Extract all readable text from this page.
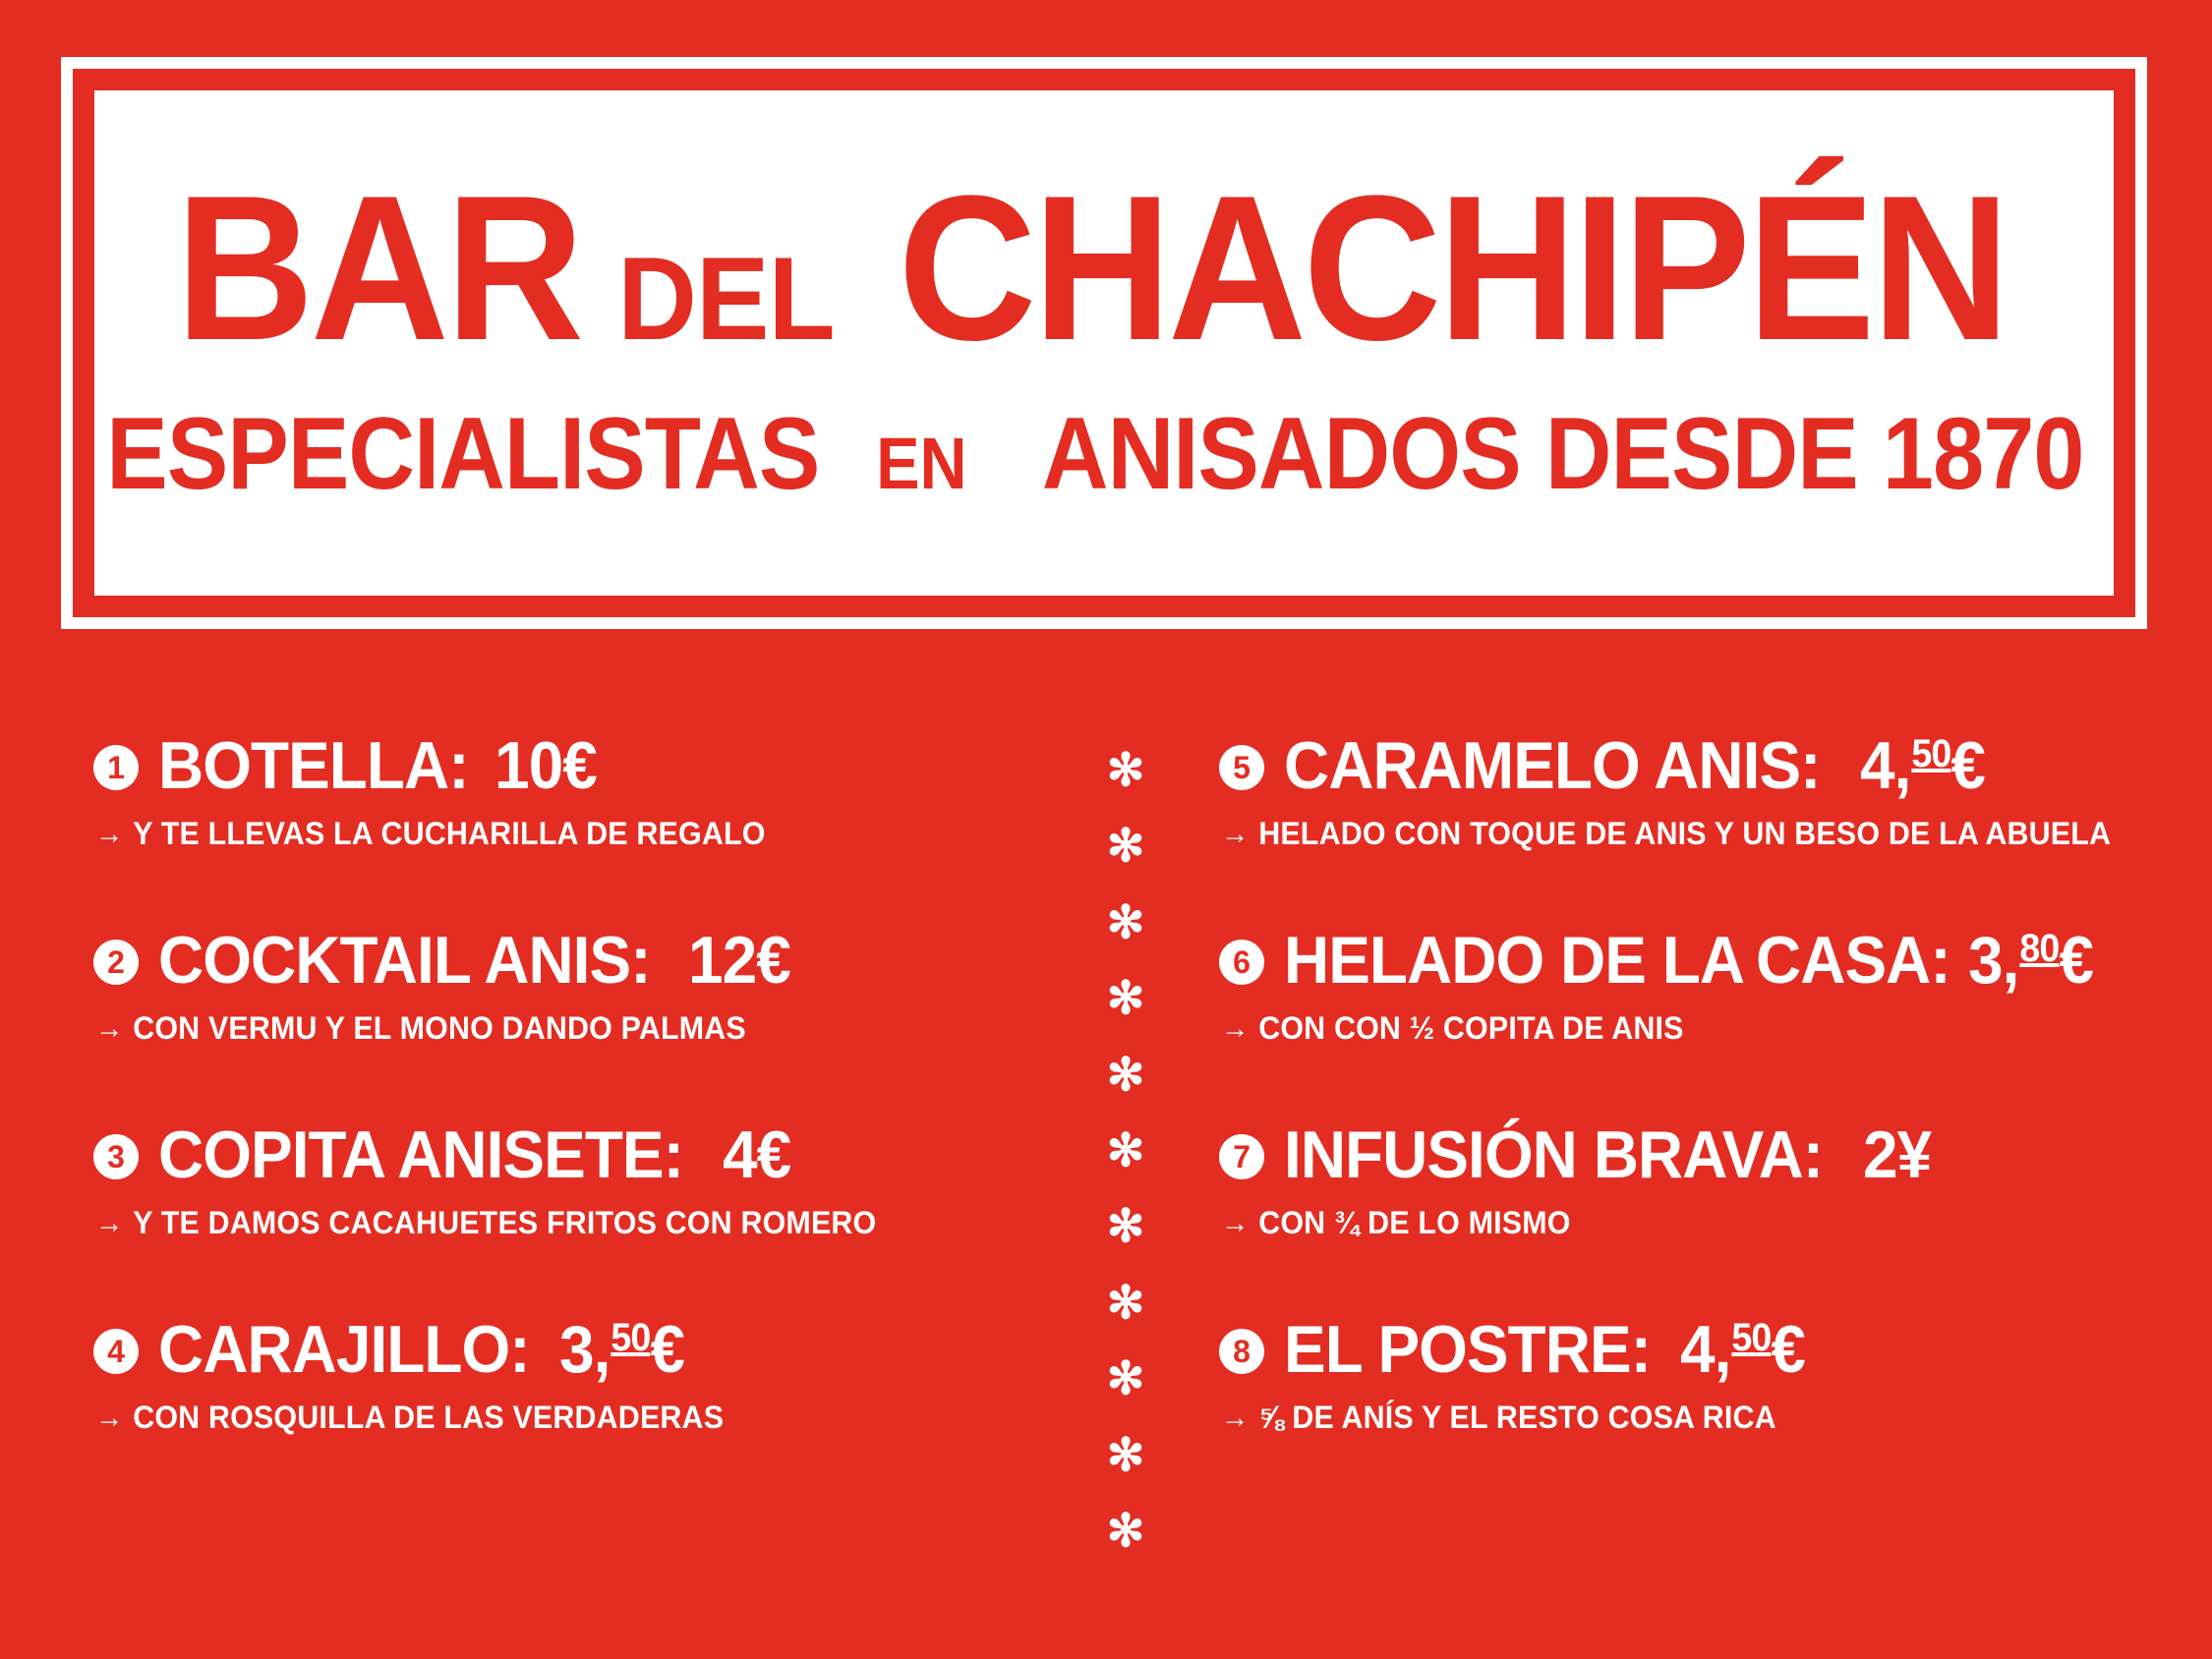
BAR DEL CHACHIPÉN
ESPECIALISTAS EN ANISADOS DESDE 1870
1 BOTELLA: 10€
→ Y TE LLEVAS LA CUCHARILLA DE REGALO
2 COCKTAIL ANIS: 12€
→ CON VERMU Y EL MONO DANDO PALMAS
3 COPITA ANISETE: 4€
→ Y TE DAMOS CACAHUETES FRITOS CON ROMERO
4 CARAJILLO: 3,50€
→ CON ROSQUILLA DE LAS VERDADERAS
5 CARAMELO ANIS: 4,50€
→ HELADO CON TOQUE DE ANIS Y UN BESO DE LA ABUELA
6 HELADO DE LA CASA: 3,80€
→ CON CON ½ COPITA DE ANIS
7 INFUSIÓN BRAVA: 2¥
→ CON ¾ DE LO MISMO
8 EL POSTRE: 4,50€
→ ⅝ DE ANÍS Y EL RESTO COSA RICA
✻
✻
✻
✻
✻
✻
✻
✻
✻
✻
✻
